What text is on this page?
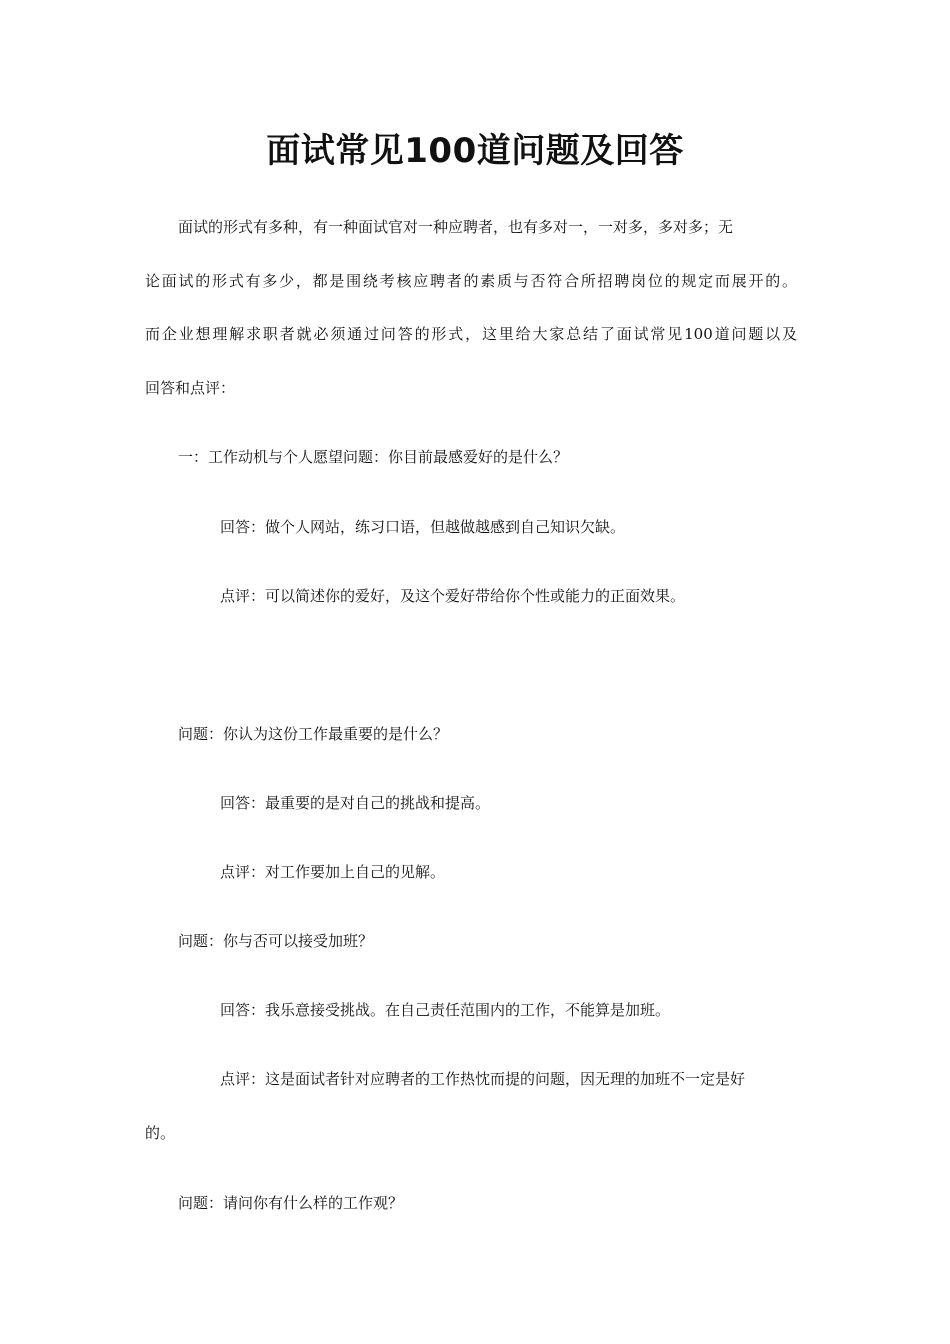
面试常见100道问题及回答

面试的形式有多种，有一种面试官对一种应聘者，也有多对一，一对多，多对多；无

论面试的形式有多少，都是围绕考核应聘者的素质与否符合所招聘岗位的规定而展开的。

而企业想理解求职者就必须通过问答的形式，这里给大家总结了面试常见100道问题以及

回答和点评：

一：工作动机与个人愿望问题：你目前最感爱好的是什么？

回答：做个人网站，练习口语，但越做越感到自己知识欠缺。

点评：可以简述你的爱好，及这个爱好带给你个性或能力的正面效果。

问题：你认为这份工作最重要的是什么？

回答：最重要的是对自己的挑战和提高。

点评：对工作要加上自己的见解。

问题：你与否可以接受加班？

回答：我乐意接受挑战。在自己责任范围内的工作，不能算是加班。

点评：这是面试者针对应聘者的工作热忱而提的问题，因无理的加班不一定是好

的。

问题：请问你有什么样的工作观？
